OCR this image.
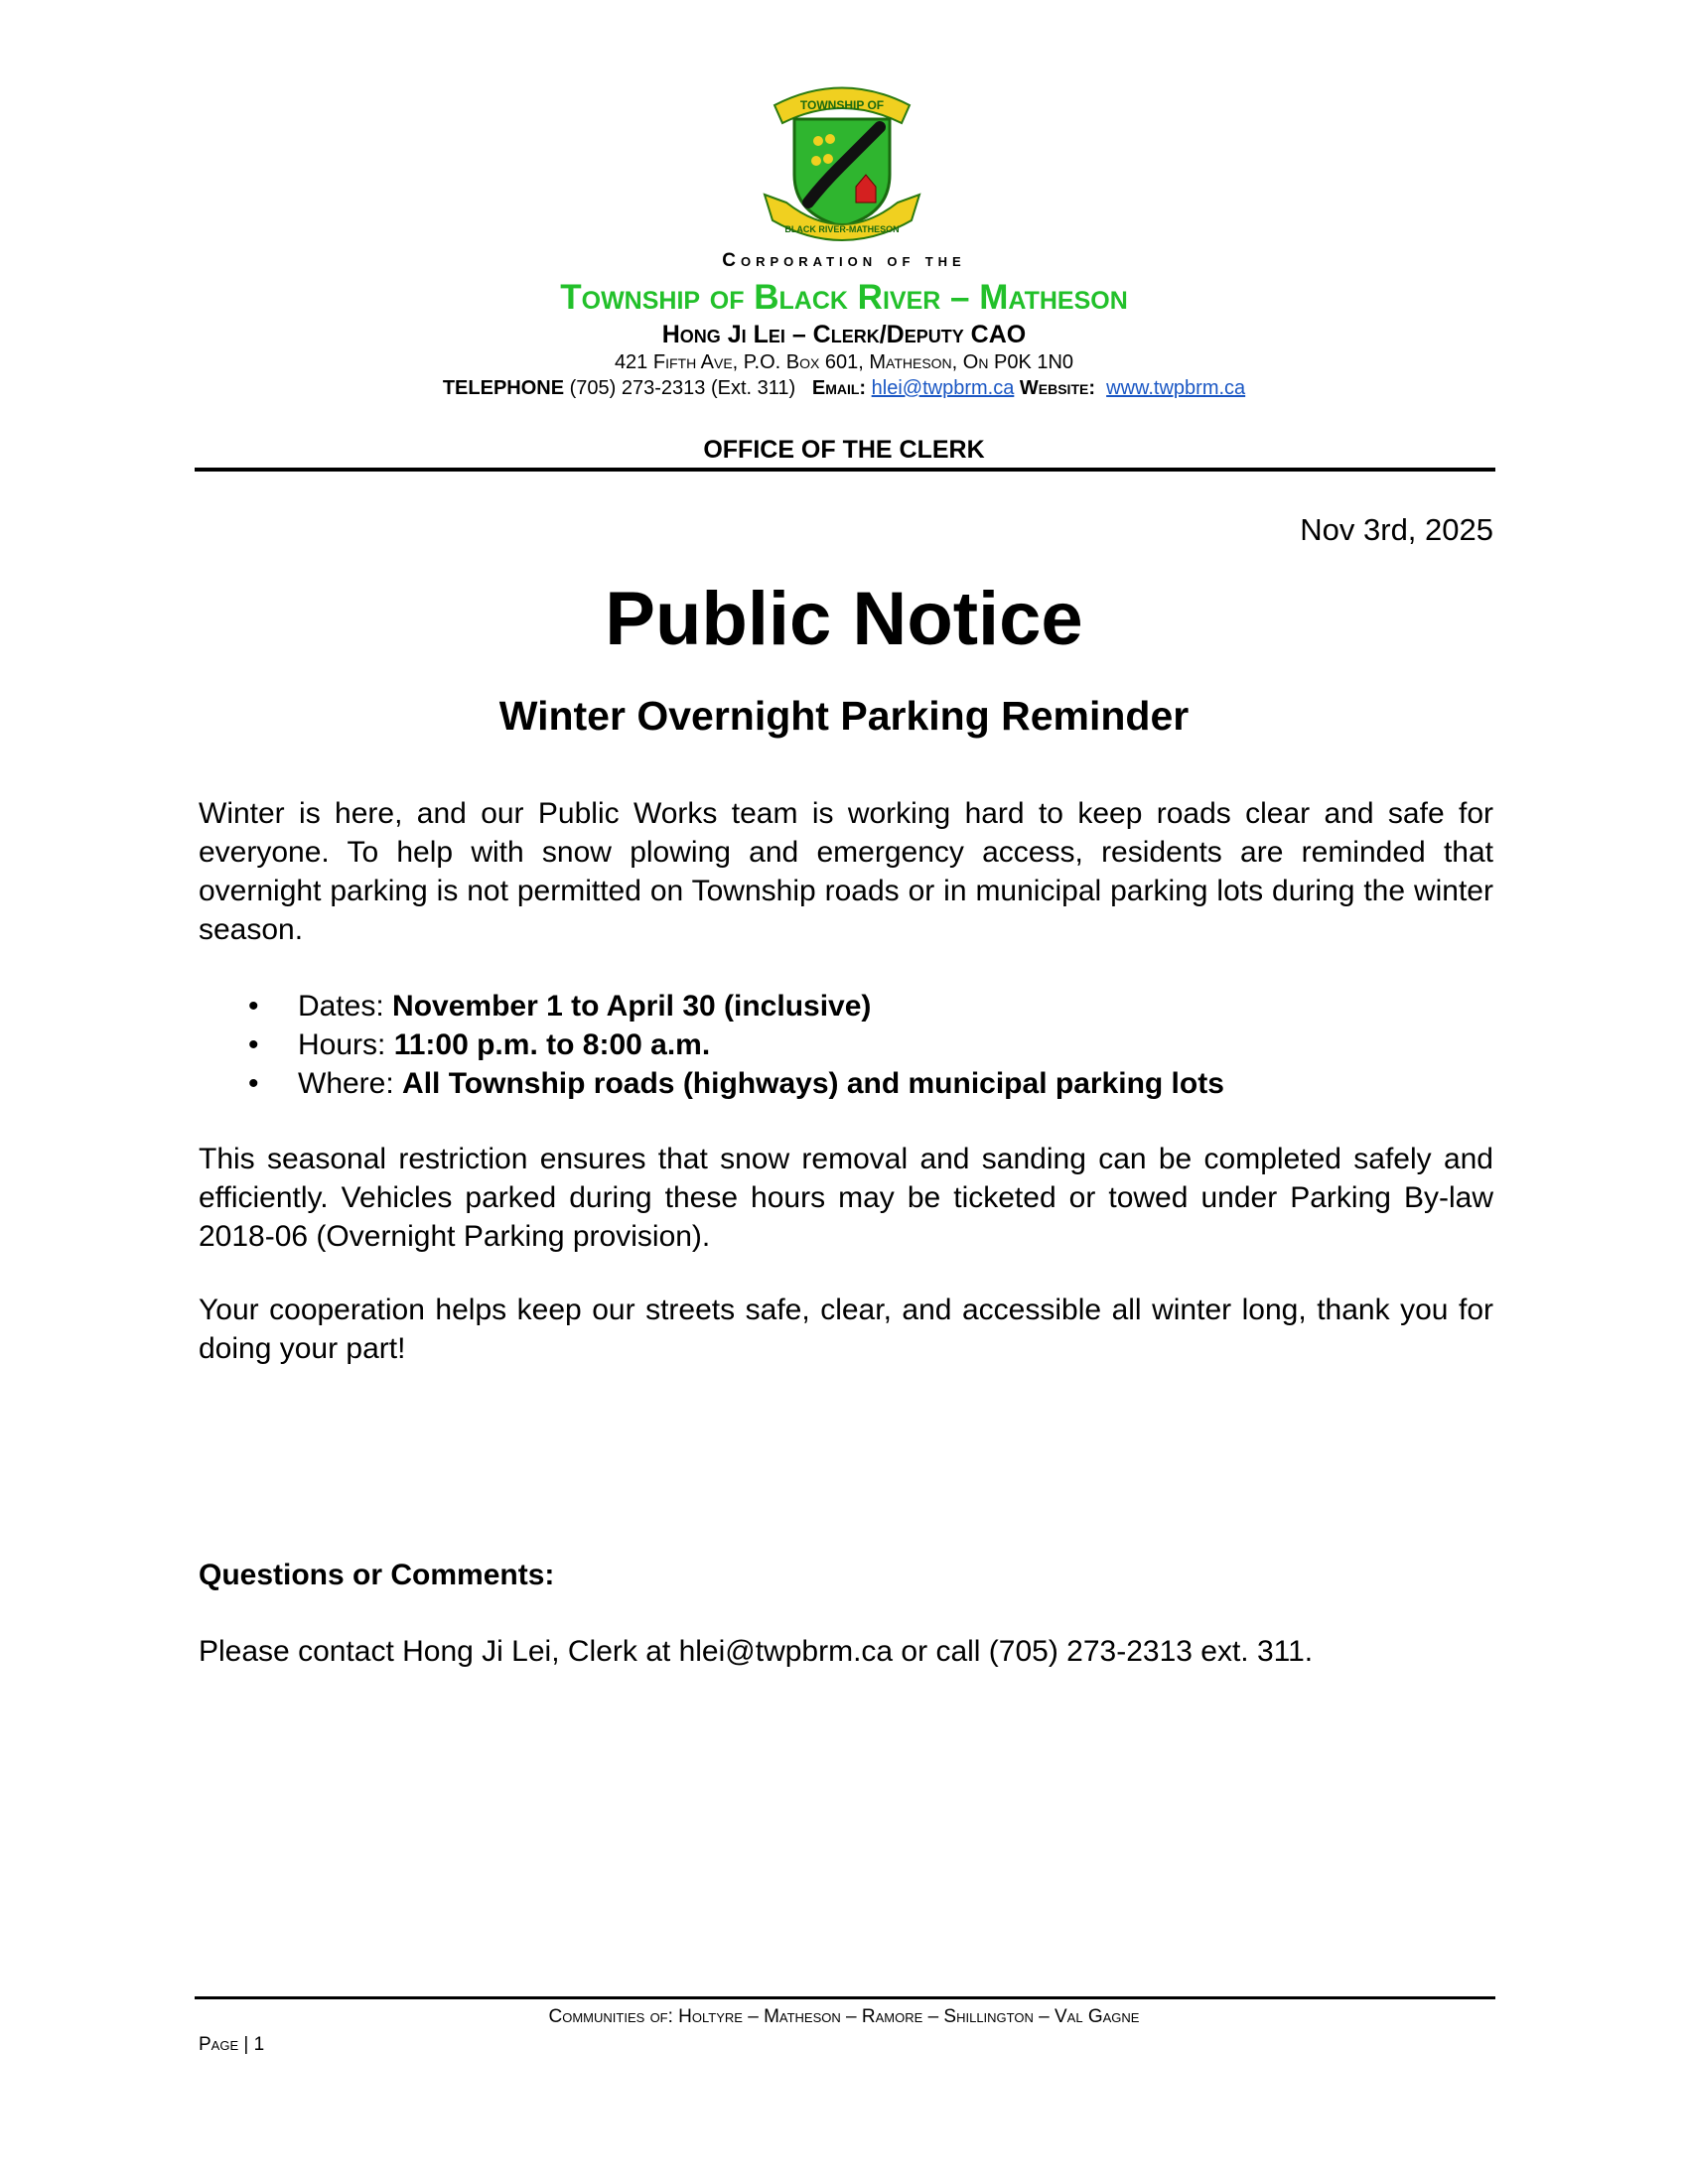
TOWNSHIP OF
BLACK RIVER-MATHESON
Corporation of the
Township of Black River – Matheson
Hong Ji Lei – Clerk/Deputy CAO
421 Fifth Ave, P.O. Box 601, Matheson, On P0K 1N0
TELEPHONE (705) 273-2313 (Ext. 311) Email: hlei@twpbrm.ca Website: www.twpbrm.ca
OFFICE OF THE CLERK
Nov 3rd, 2025
Public Notice
Winter Overnight Parking Reminder
Winter is here, and our Public Works team is working hard to keep roads clear and safe for everyone. To help with snow plowing and emergency access, residents are reminded that overnight parking is not permitted on Township roads or in municipal parking lots during the winter season.
• Dates: November 1 to April 30 (inclusive)
• Hours: 11:00 p.m. to 8:00 a.m.
• Where: All Township roads (highways) and municipal parking lots
This seasonal restriction ensures that snow removal and sanding can be completed safely and efficiently. Vehicles parked during these hours may be ticketed or towed under Parking By-law 2018-06 (Overnight Parking provision).
Your cooperation helps keep our streets safe, clear, and accessible all winter long, thank you for doing your part!
Questions or Comments:
Please contact Hong Ji Lei, Clerk at hlei@twpbrm.ca or call (705) 273-2313 ext. 311.
Communities of: Holtyre – Matheson – Ramore – Shillington – Val Gagne
Page | 1
